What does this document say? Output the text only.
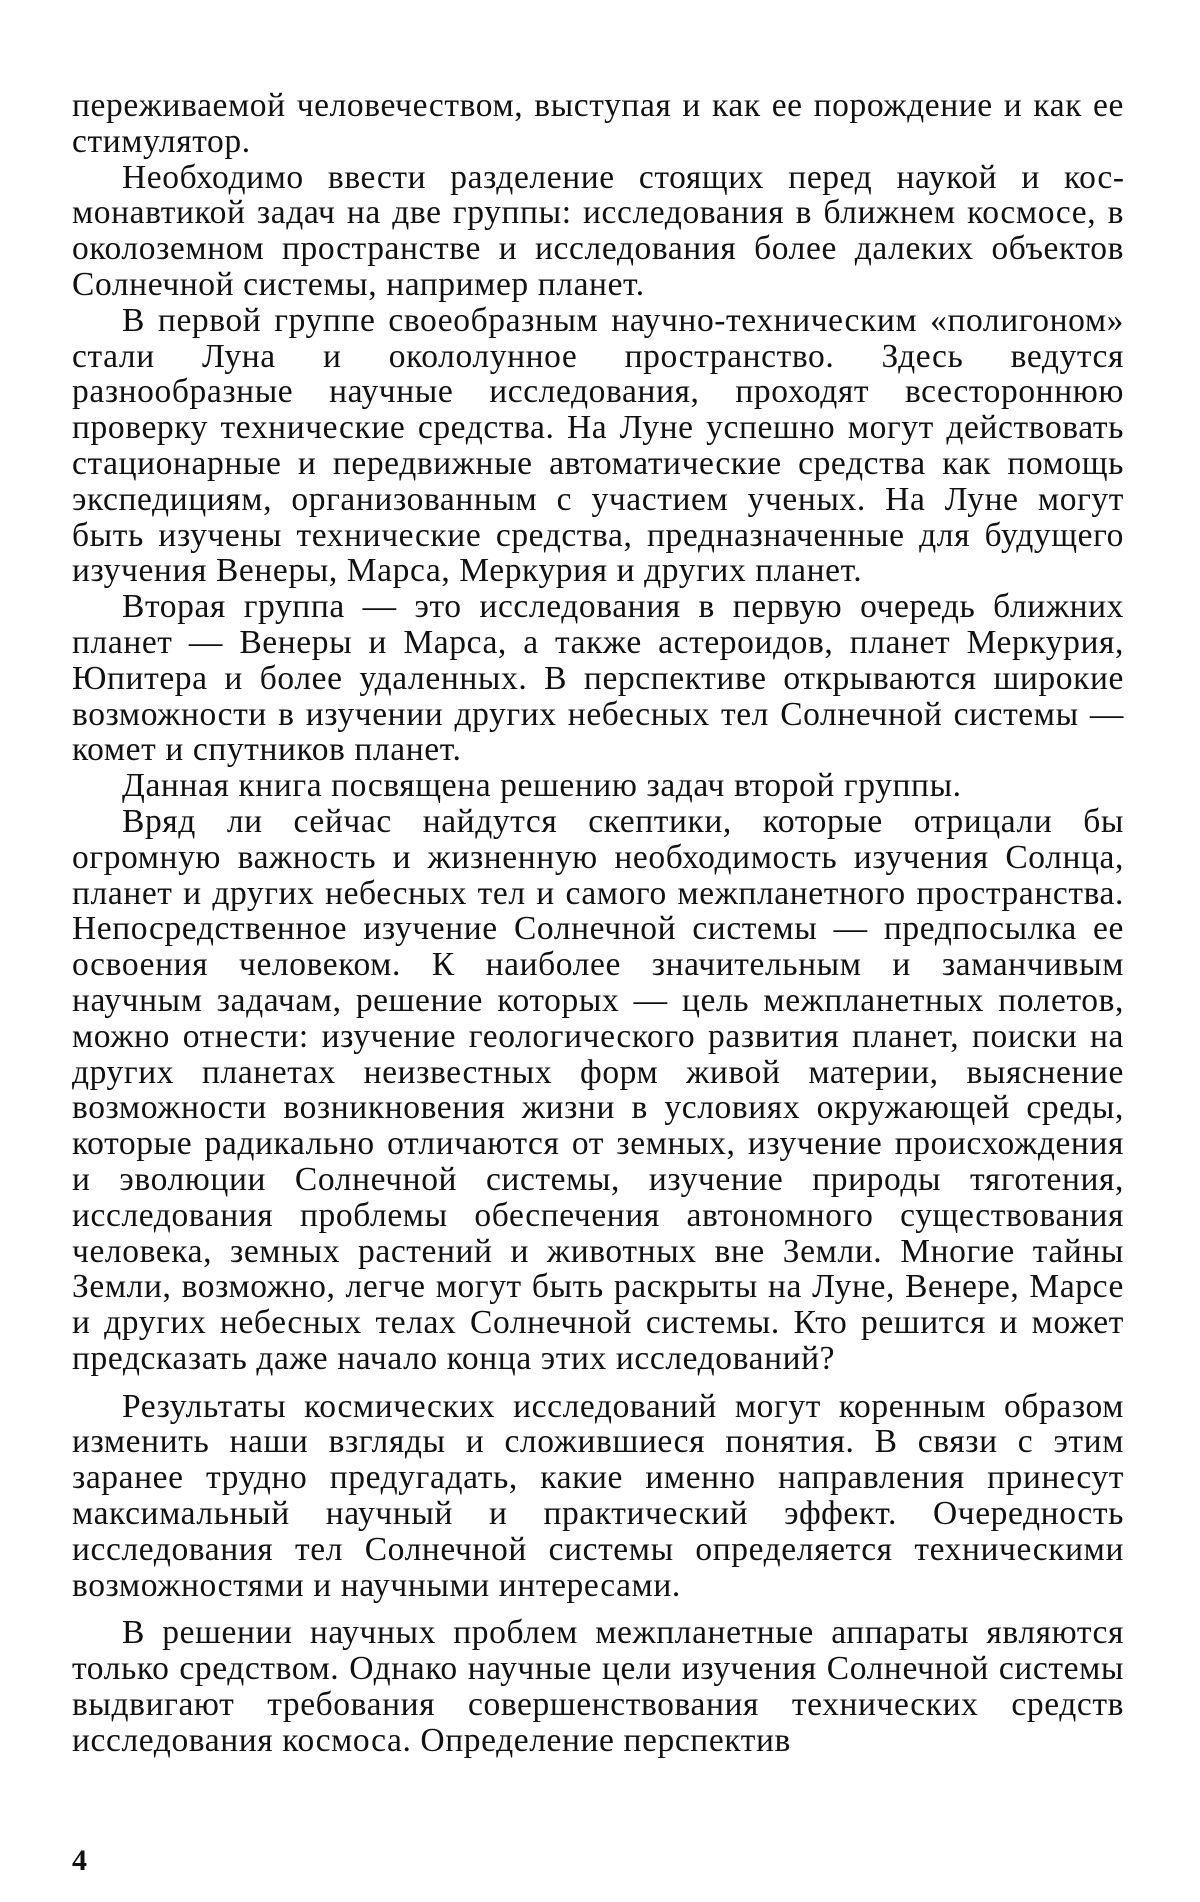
переживаемой человечеством, выступая и как ее порождение и как ее стимулятор.

Необходимо ввести разделение стоящих перед наукой и космонавтикой задач на две группы: исследования в ближнем космосе, в околоземном пространстве и исследования более далеких объектов Солнечной системы, например планет.

В первой группе своеобразным научно-техническим «полигоном» стали Луна и окололунное пространство. Здесь ведутся разнообразные научные исследования, проходят всестороннюю проверку технические средства. На Луне успешно могут действовать стационарные и передвижные автоматические средства как помощь экспедициям, организованным с участием ученых. На Луне могут быть изучены технические средства, предназначенные для будущего изучения Венеры, Марса, Меркурия и других планет.

Вторая группа — это исследования в первую очередь ближних планет — Венеры и Марса, а также астероидов, планет Меркурия, Юпитера и более удаленных. В перспективе открываются широкие возможности в изучении других небесных тел Солнечной системы — комет и спутников планет.

Данная книга посвящена решению задач второй группы.

Вряд ли сейчас найдутся скептики, которые отрицали бы огромную важность и жизненную необходимость изучения Солнца, планет и других небесных тел и самого межпланетного пространства. Непосредственное изучение Солнечной системы — предпосылка ее освоения человеком. К наиболее значительным и заманчивым научным задачам, решение которых — цель межпланетных полетов, можно отнести: изучение геологического развития планет, поиски на других планетах неизвестных форм живой материи, выяснение возможности возникновения жизни в условиях окружающей среды, которые радикально отличаются от земных, изучение происхождения и эволюции Солнечной системы, изучение природы тяготения, исследования проблемы обеспечения автономного существования человека, земных растений и животных вне Земли. Многие тайны Земли, возможно, легче могут быть раскрыты на Луне, Венере, Марсе и других небесных телах Солнечной системы. Кто решится и может предсказать даже начало конца этих исследований?

Результаты космических исследований могут коренным образом изменить наши взгляды и сложившиеся понятия. В связи с этим заранее трудно предугадать, какие именно направления принесут максимальный научный и практический эффект. Очередность исследования тел Солнечной системы определяется техническими возможностями и научными интересами.

В решении научных проблем межпланетные аппараты являются только средством. Однако научные цели изучения Солнечной системы выдвигают требования совершенствования технических средств исследования космоса. Определение перспектив

4
